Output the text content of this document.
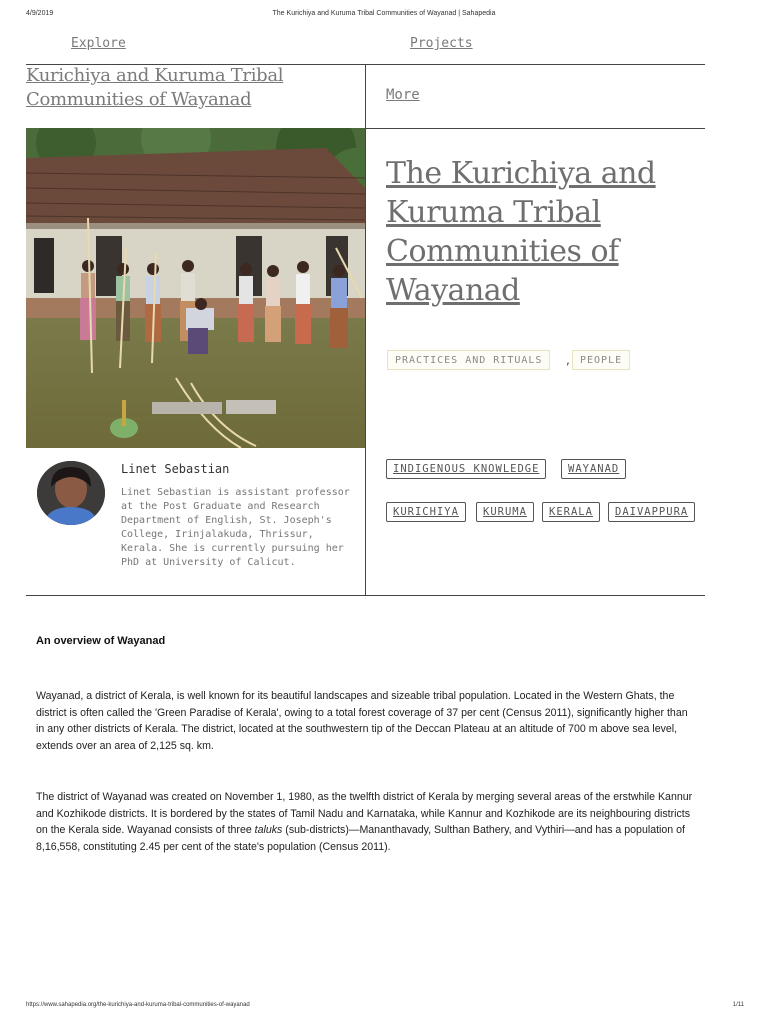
4/9/2019	The Kurichiya and Kuruma Tribal Communities of Wayanad | Sahapedia
Explore	Projects
Kurichiya and Kuruma Tribal Communities of Wayanad	More
The Kurichiya and Kuruma Tribal Communities of Wayanad
PRACTICES AND RITUALS	,	PEOPLE
INDIGENOUS KNOWLEDGE	WAYANAD
KURICHIYA	KURUMA	KERALA	DAIVAPPURA
Linet Sebastian
Linet Sebastian is assistant professor at the Post Graduate and Research Department of English, St. Joseph's College, Irinjalakuda, Thrissur, Kerala. She is currently pursuing her PhD at University of Calicut.
An overview of Wayanad
Wayanad, a district of Kerala, is well known for its beautiful landscapes and sizeable tribal population. Located in the Western Ghats, the district is often called the 'Green Paradise of Kerala', owing to a total forest coverage of 37 per cent (Census 2011), significantly higher than in any other districts of Kerala. The district, located at the southwestern tip of the Deccan Plateau at an altitude of 700 m above sea level, extends over an area of 2,125 sq. km.
The district of Wayanad was created on November 1, 1980, as the twelfth district of Kerala by merging several areas of the erstwhile Kannur and Kozhikode districts. It is bordered by the states of Tamil Nadu and Karnataka, while Kannur and Kozhikode are its neighbouring districts on the Kerala side. Wayanad consists of three taluks (sub-districts)—Mananthavady, Sulthan Bathery, and Vythiri—and has a population of 8,16,558, constituting 2.45 per cent of the state's population (Census 2011).
https://www.sahapedia.org/the-kurichiya-and-kuruma-tribal-communities-of-wayanad	1/11
